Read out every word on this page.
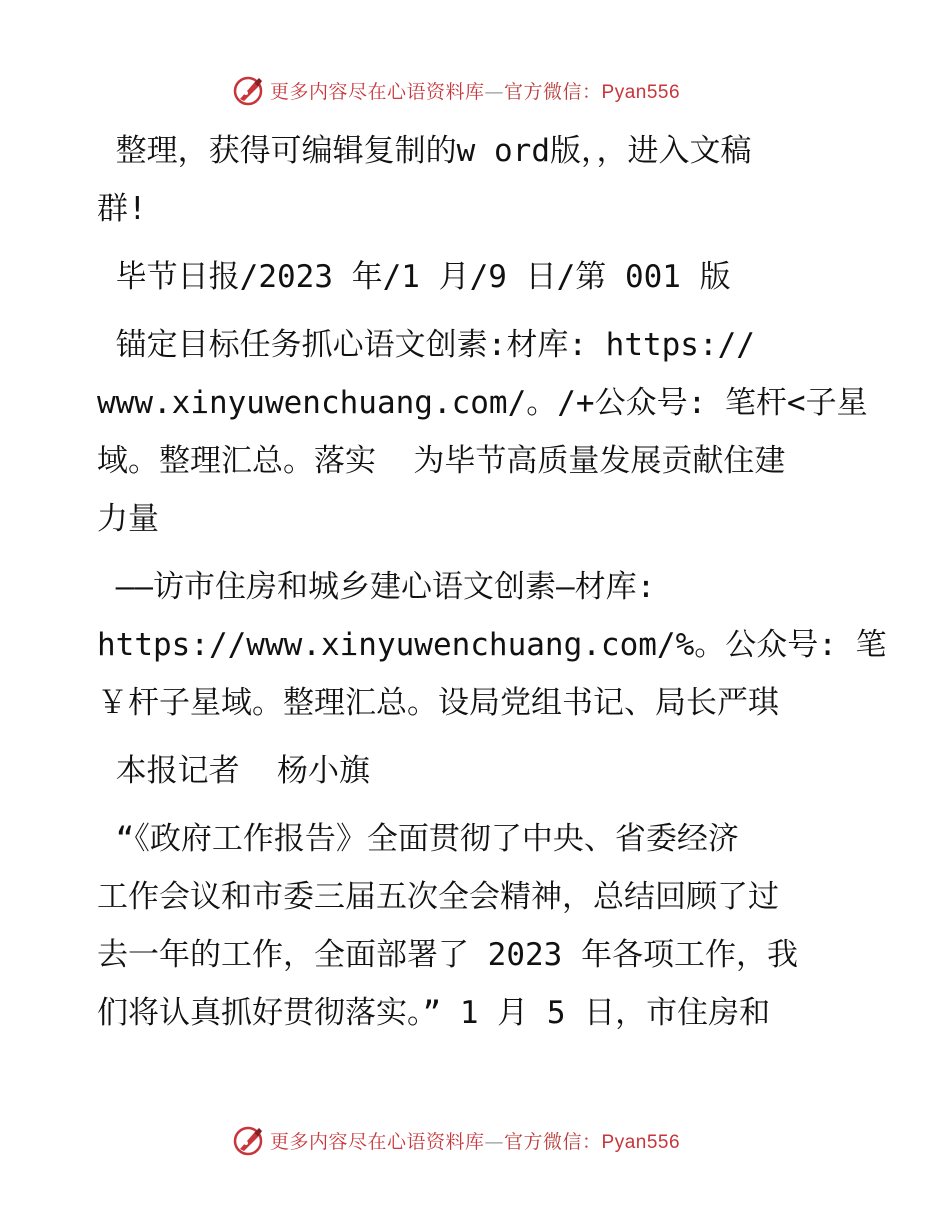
更多内容尽在心语资料库—官方微信：Pyan556
整理，获得可编辑复制的w ord版，，进入文稿
群!
毕节日报/2023 年/1 月/9 日/第 001 版
锚定目标任务抓心语文创素:材库: https://
www.xinyuwenchuang.com/。/+公众号: 笔杆<子星
域。整理汇总。落实  为毕节高质量发展贡献住建
力量
——访市住房和城乡建心语文创素—材库:
https://www.xinyuwenchuang.com/%。公众号: 笔
￥杆子星域。整理汇总。设局党组书记、局长严琪
本报记者  杨小旗
“《政府工作报告》全面贯彻了中央、省委经济
工作会议和市委三届五次全会精神，总结回顾了过
去一年的工作，全面部署了 2023 年各项工作，我
们将认真抓好贯彻落实。” 1 月 5 日，市住房和
更多内容尽在心语资料库—官方微信：Pyan556
